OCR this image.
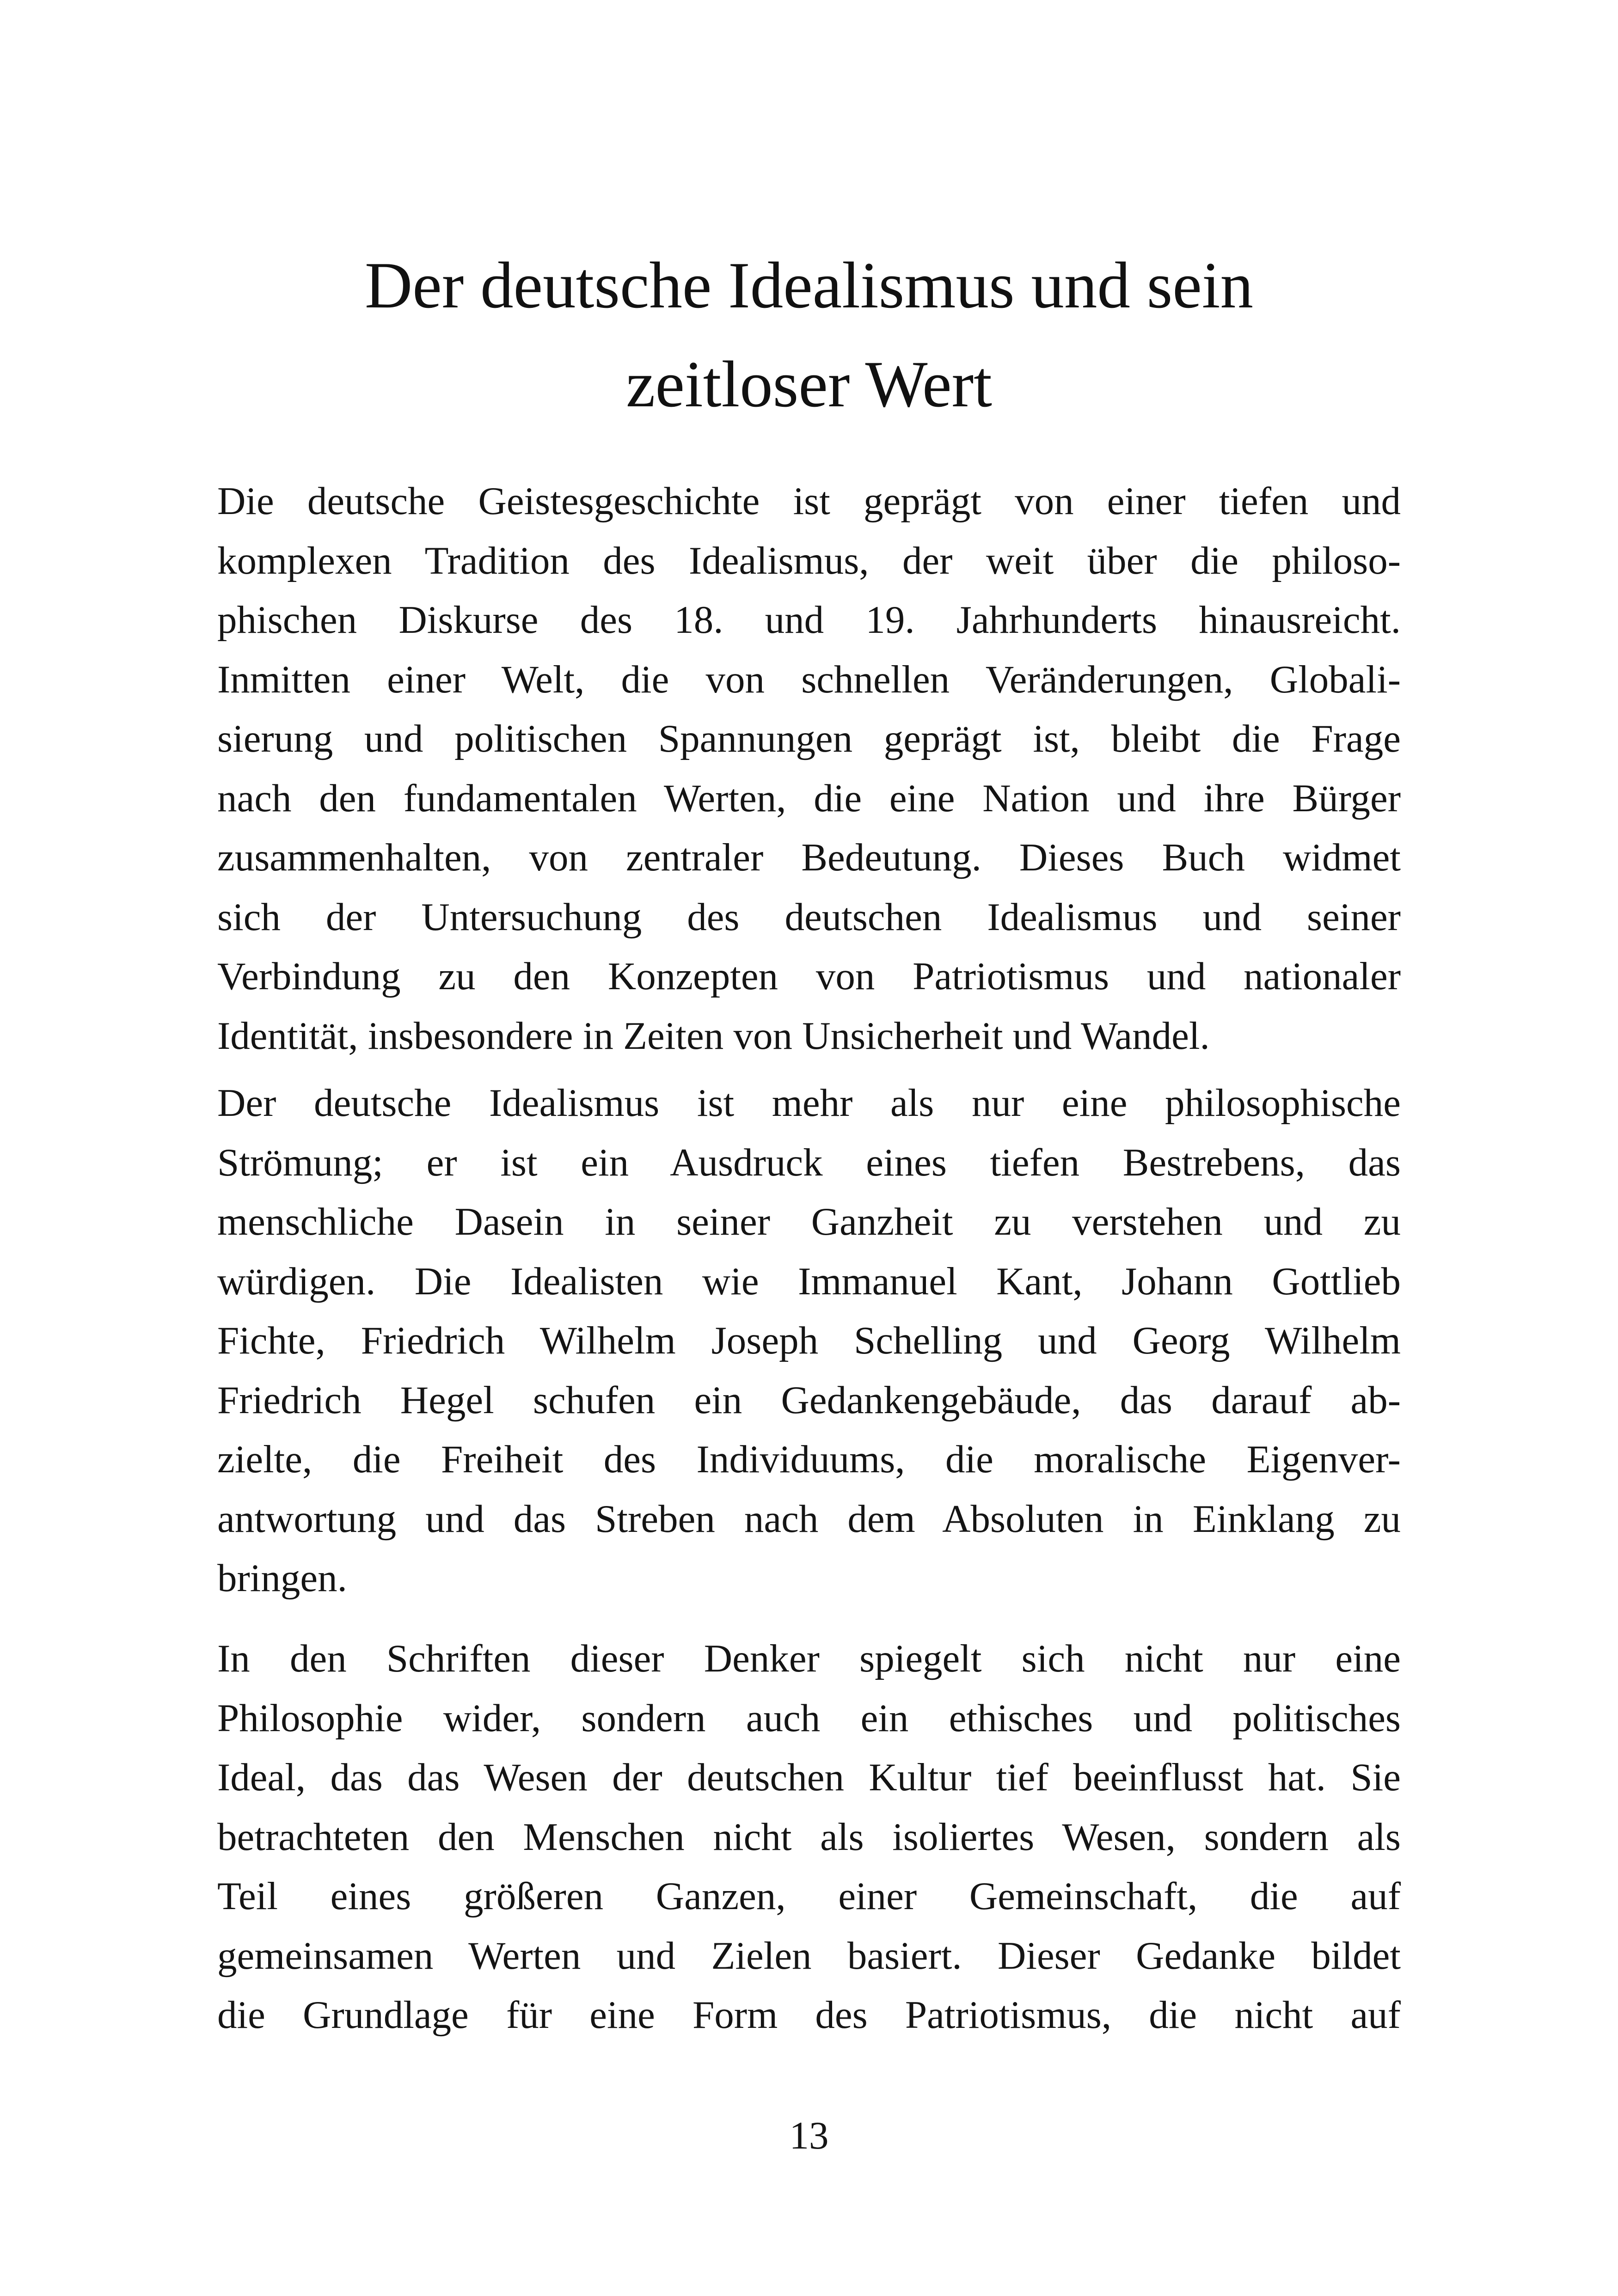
Der deutsche Idealismus und sein
zeitloser Wert

Die deutsche Geistesgeschichte ist geprägt von einer tiefen und
komplexen Tradition des Idealismus, der weit über die philoso-
phischen Diskurse des 18. und 19. Jahrhunderts hinausreicht.
Inmitten einer Welt, die von schnellen Veränderungen, Globali-
sierung und politischen Spannungen geprägt ist, bleibt die Frage
nach den fundamentalen Werten, die eine Nation und ihre Bürger
zusammenhalten, von zentraler Bedeutung. Dieses Buch widmet
sich der Untersuchung des deutschen Idealismus und seiner
Verbindung zu den Konzepten von Patriotismus und nationaler
Identität, insbesondere in Zeiten von Unsicherheit und Wandel.

Der deutsche Idealismus ist mehr als nur eine philosophische
Strömung; er ist ein Ausdruck eines tiefen Bestrebens, das
menschliche Dasein in seiner Ganzheit zu verstehen und zu
würdigen. Die Idealisten wie Immanuel Kant, Johann Gottlieb
Fichte, Friedrich Wilhelm Joseph Schelling und Georg Wilhelm
Friedrich Hegel schufen ein Gedankengebäude, das darauf ab-
zielte, die Freiheit des Individuums, die moralische Eigenver-
antwortung und das Streben nach dem Absoluten in Einklang zu
bringen.

In den Schriften dieser Denker spiegelt sich nicht nur eine
Philosophie wider, sondern auch ein ethisches und politisches
Ideal, das das Wesen der deutschen Kultur tief beeinflusst hat. Sie
betrachteten den Menschen nicht als isoliertes Wesen, sondern als
Teil eines größeren Ganzen, einer Gemeinschaft, die auf
gemeinsamen Werten und Zielen basiert. Dieser Gedanke bildet
die Grundlage für eine Form des Patriotismus, die nicht auf

13
